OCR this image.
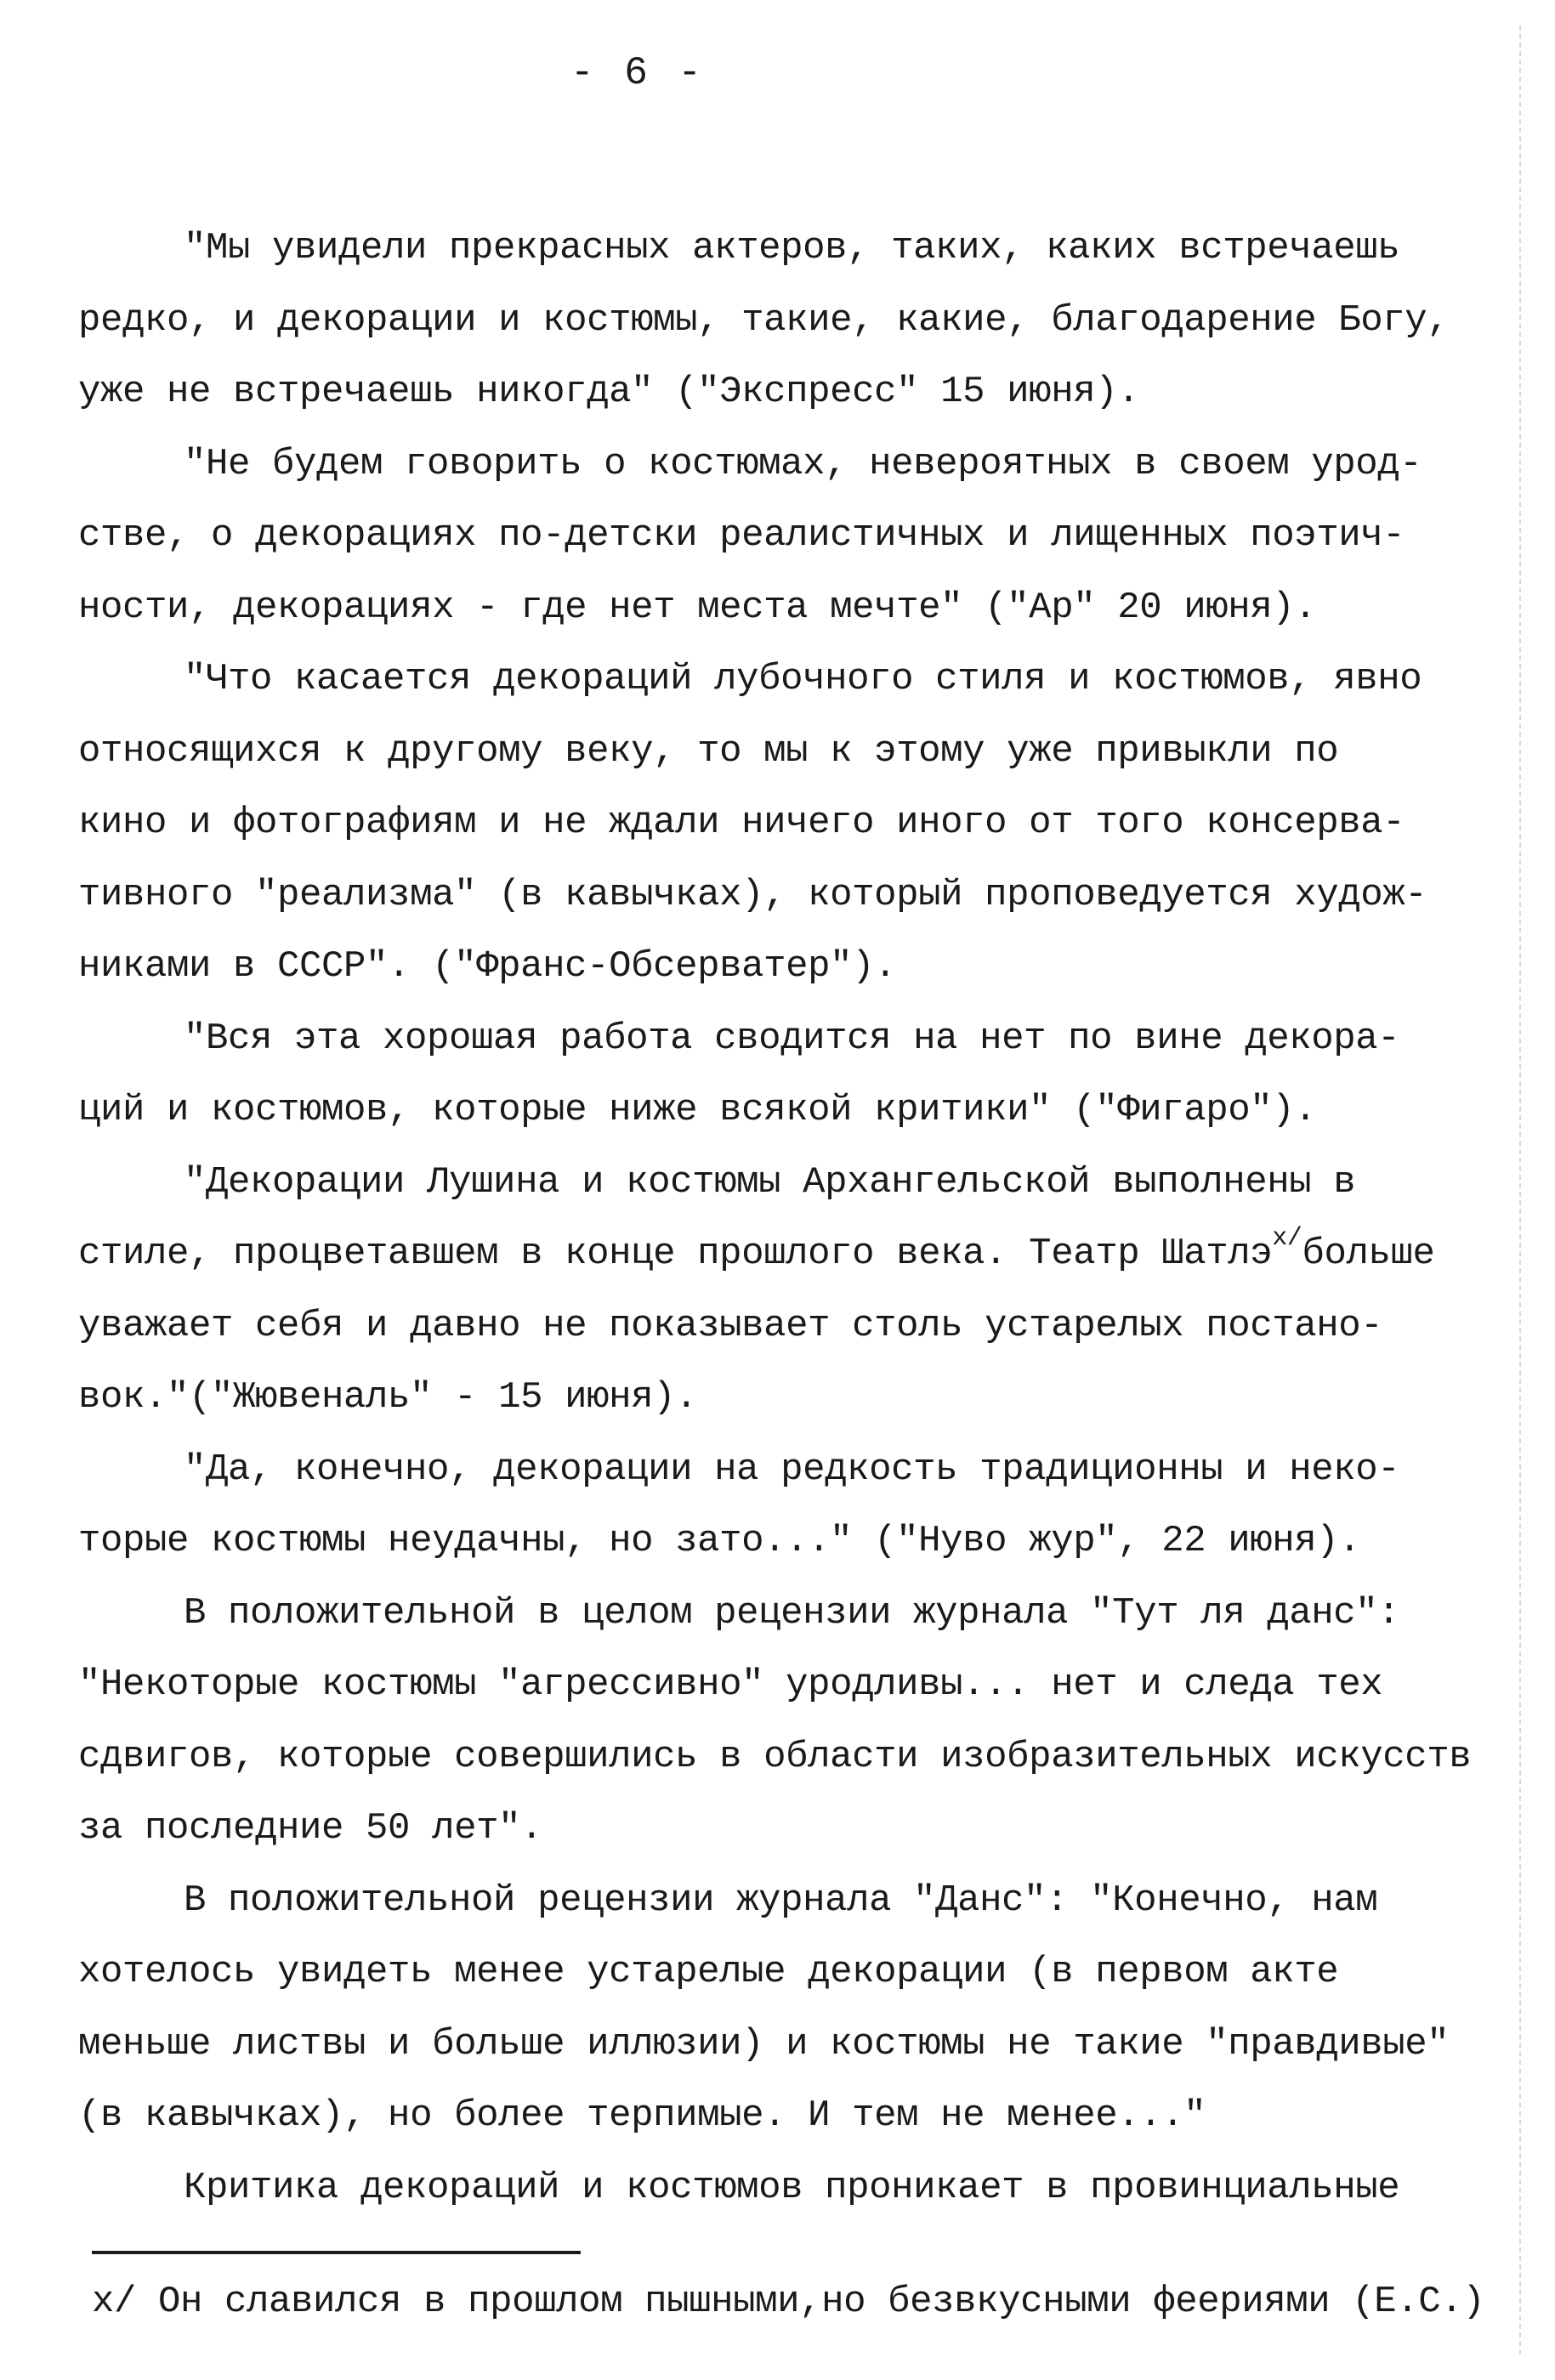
- 6 -
"Мы увидели прекрасных актеров, таких, каких встречаешь
редко, и декорации и костюмы, такие, какие, благодарение Богу,
уже не встречаешь никогда" ("Экспресс" 15 июня).
"Не будем говорить о костюмах, невероятных в своем урод-
стве, о декорациях по-детски реалистичных и лищенных поэтич-
ности, декорациях - где нет места мечте" ("Ар" 20 июня).
"Что касается декораций лубочного стиля и костюмов, явно
относящихся к другому веку, то мы к этому уже привыкли по
кино и фотографиям и не ждали ничего иного от того консерва-
тивного "реализма" (в кавычках), который проповедуется худож-
никами в СССР". ("Франс-Обсерватер").
"Вся эта хорошая работа сводится на нет по вине декора-
ций и костюмов, которые ниже всякой критики" ("Фигаро").
"Декорации Лушина и костюмы Архангельской выполнены в
стиле, процветавшем в конце прошлого века. Театр Шатлэ$^{x/}$больше
уважает себя и давно не показывает столь устарелых постано-
вок."("Жювеналь" - 15 июня).
"Да, конечно, декорации на редкость традиционны и неко-
торые костюмы неудачны, но зато..." ("Нуво жур", 22 июня).
В положительной в целом рецензии журнала "Тут ля данс":
"Некоторые костюмы "агрессивно" уродливы... нет и следа тех
сдвигов, которые совершились в области изобразительных искусств
за последние 50 лет".
В положительной рецензии журнала "Данс": "Конечно, нам
хотелось увидеть менее устарелые декорации (в первом акте
меньше листвы и больше иллюзии) и костюмы не такие "правдивые"
(в кавычках), но более терпимые. И тем не менее..."
Критика декораций и костюмов проникает в провинциальные
x/ Он славился в прошлом пышными,но безвкусными феериями (Е.С.)
